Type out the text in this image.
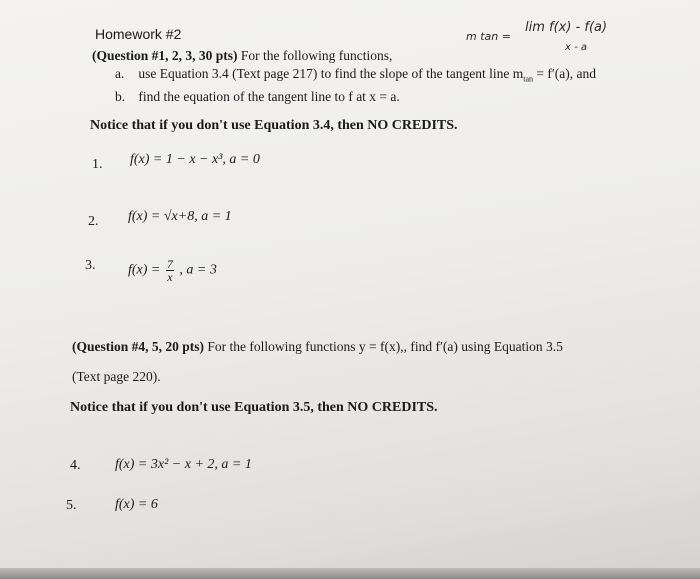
Homework #2	m tan =
lim f(x) - f(a)
x - a
(Question #1, 2, 3, 30 pts) For the following functions,
a. use Equation 3.4 (Text page 217) to find the slope of the tangent line $m_{tan} = f'(a)$, and
b. find the equation of the tangent line to f at x = a.
Notice that if you don't use Equation 3.4, then NO CREDITS.
1. f(x) = 1 − x − x³, a = 0
2. f(x) = √x+8, a = 1
3. $f(x) = \frac{7}{x}$ , a = 3
(Question #4, 5, 20 pts) For the following functions y = f(x),, find f′(a) using Equation 3.5
(Text page 220).
Notice that if you don't use Equation 3.5, then NO CREDITS.
4. f(x) = 3x² − x + 2, a = 1
5.	f(x) = 6
